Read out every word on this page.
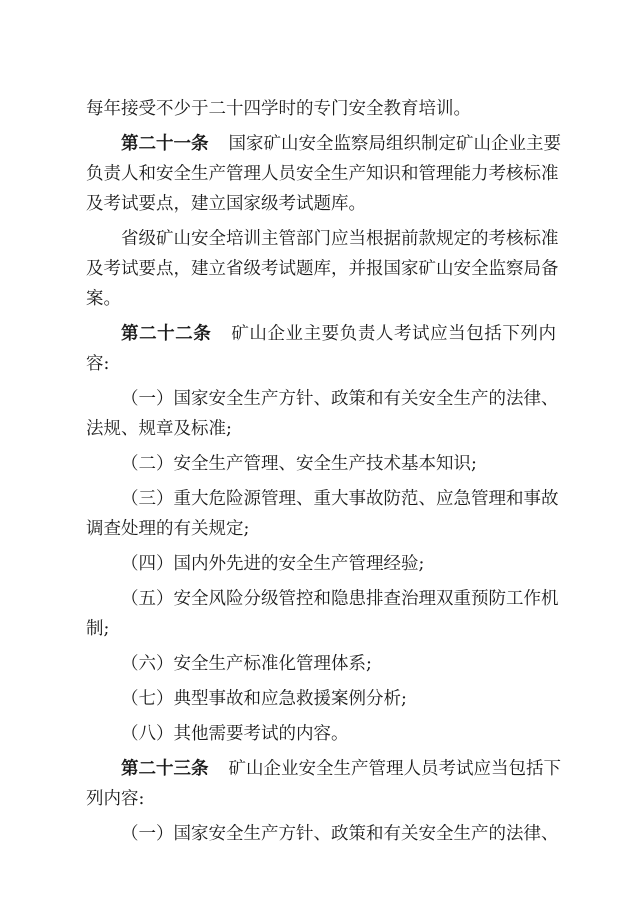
每年接受不少于二十四学时的专门安全教育培训。
第二十一条 国家矿山安全监察局组织制定矿山企业主要
负责人和安全生产管理人员安全生产知识和管理能力考核标准
及考试要点，建立国家级考试题库。
省级矿山安全培训主管部门应当根据前款规定的考核标准
及考试要点，建立省级考试题库，并报国家矿山安全监察局备
案。
第二十二条 矿山企业主要负责人考试应当包括下列内
容:
（一）国家安全生产方针、政策和有关安全生产的法律、
法规、规章及标准;
（二）安全生产管理、安全生产技术基本知识;
（三）重大危险源管理、重大事故防范、应急管理和事故
调查处理的有关规定;
（四）国内外先进的安全生产管理经验;
（五）安全风险分级管控和隐患排查治理双重预防工作机
制;
（六）安全生产标准化管理体系;
（七）典型事故和应急救援案例分析;
（八）其他需要考试的内容。
第二十三条 矿山企业安全生产管理人员考试应当包括下
列内容:
（一）国家安全生产方针、政策和有关安全生产的法律、
